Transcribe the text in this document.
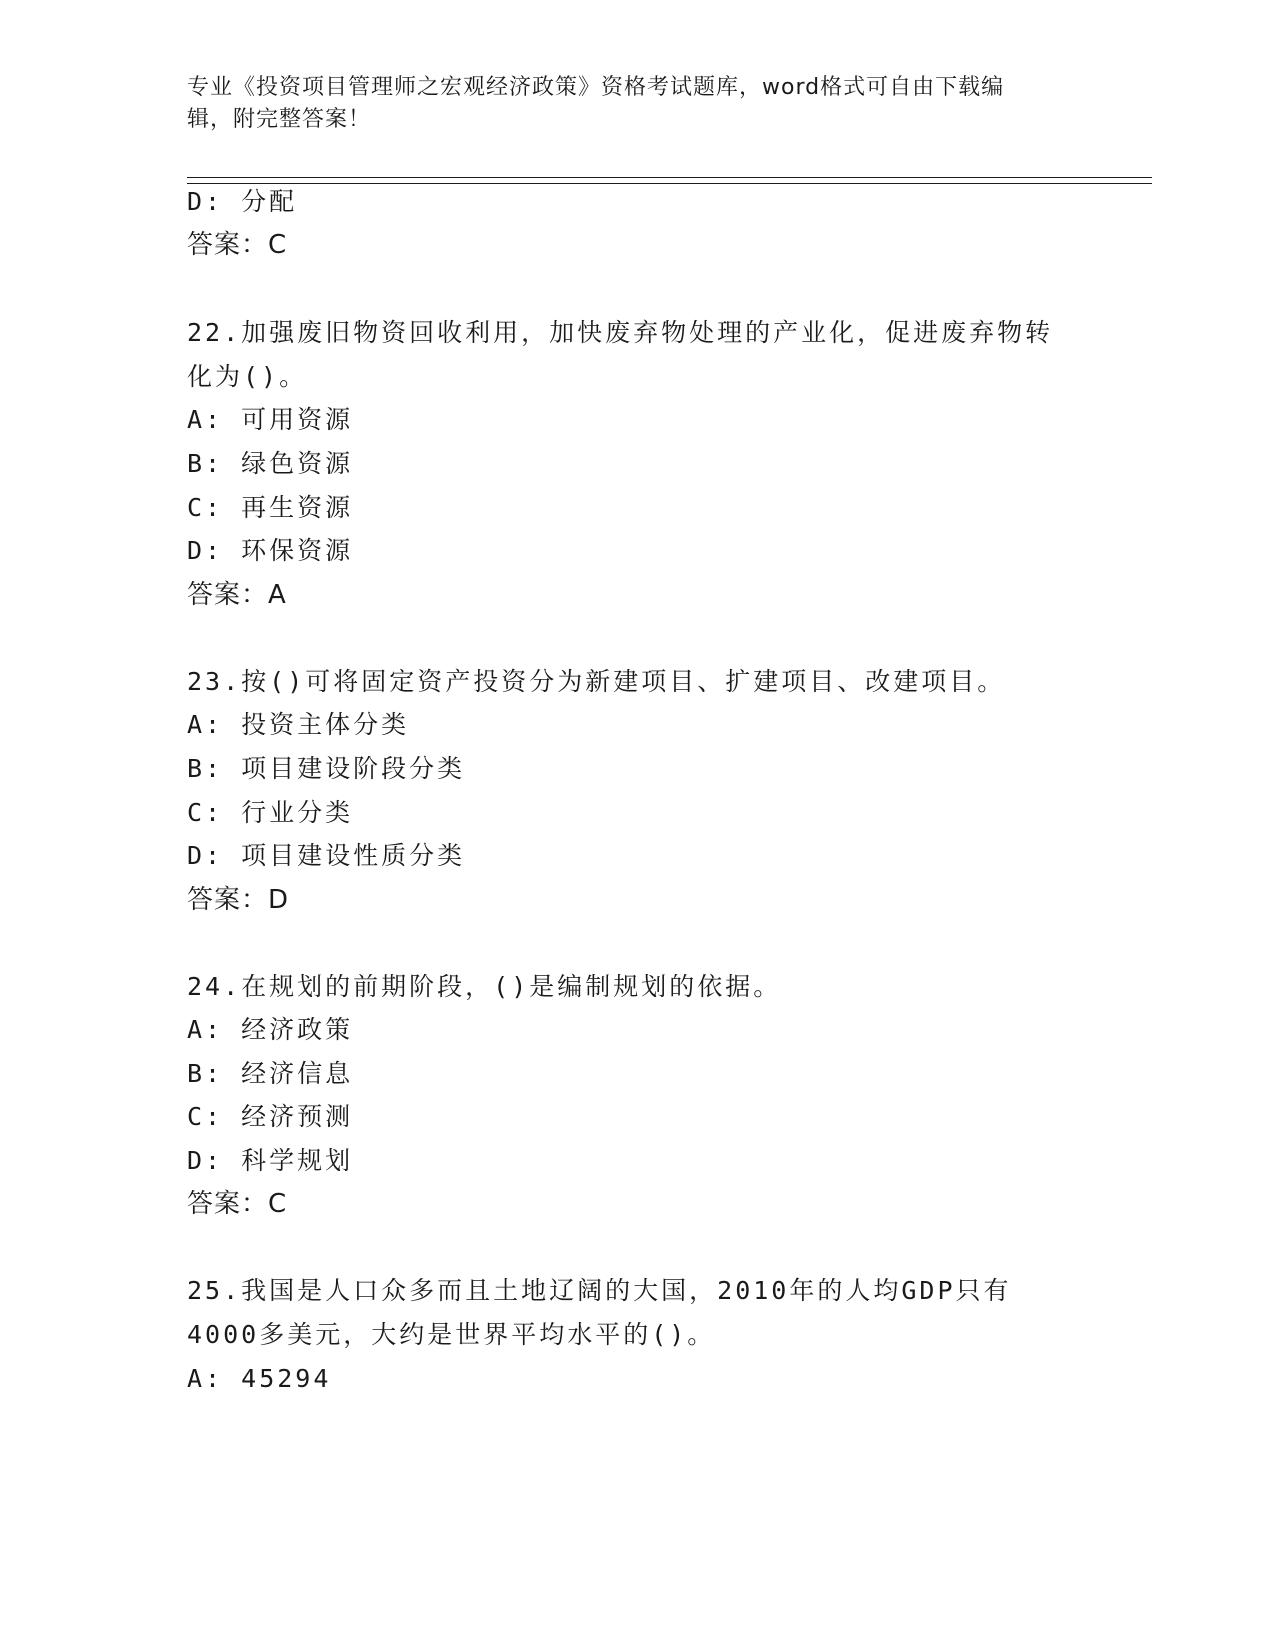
专业《投资项目管理师之宏观经济政策》资格考试题库，word格式可自由下载编
辑，附完整答案！
D: 分配
答案：C
22.加强废旧物资回收利用，加快废弃物处理的产业化，促进废弃物转
化为()。
A: 可用资源
B: 绿色资源
C: 再生资源
D: 环保资源
答案：A
23.按()可将固定资产投资分为新建项目、扩建项目、改建项目。
A: 投资主体分类
B: 项目建设阶段分类
C: 行业分类
D: 项目建设性质分类
答案：D
24.在规划的前期阶段，()是编制规划的依据。
A: 经济政策
B: 经济信息
C: 经济预测
D: 科学规划
答案：C
25.我国是人口众多而且土地辽阔的大国，2010年的人均GDP只有
4000多美元，大约是世界平均水平的()。
A: 45294
